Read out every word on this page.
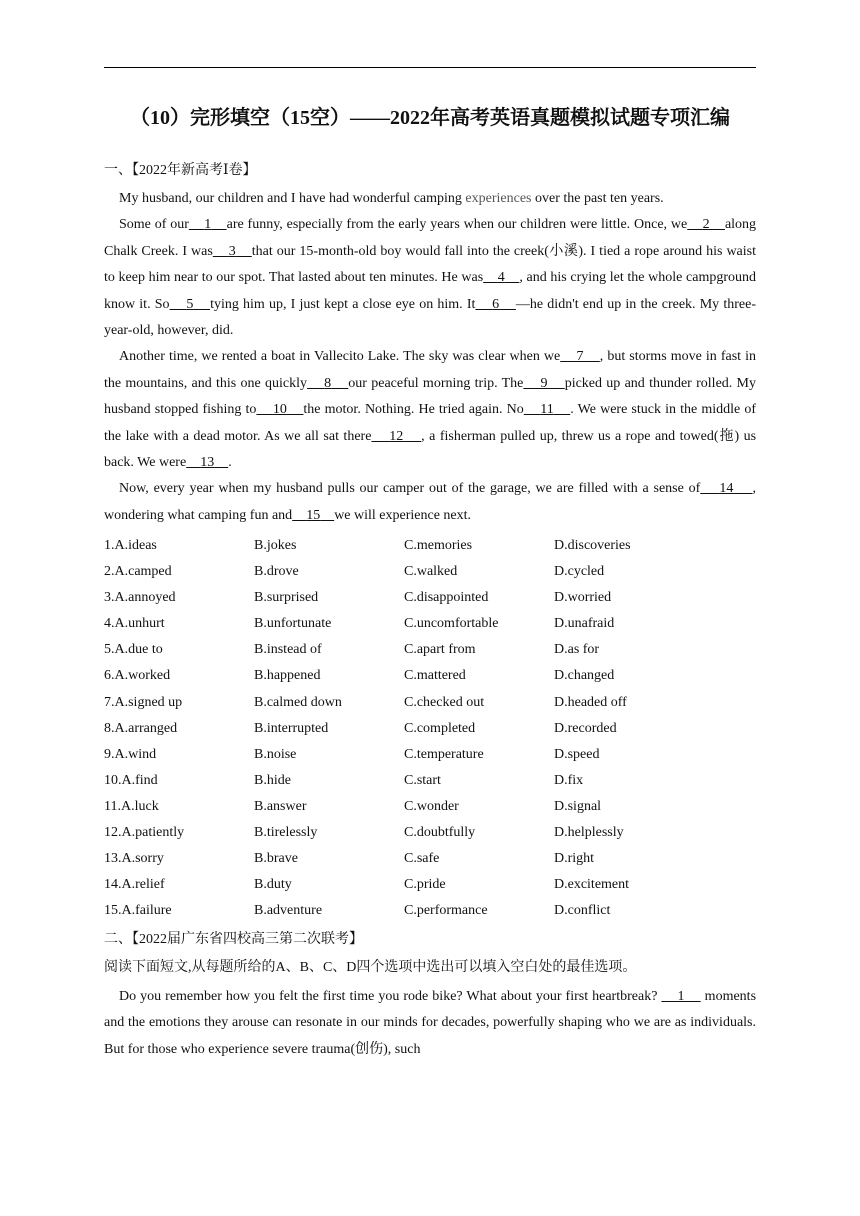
（10）完形填空（15空）——2022年高考英语真题模拟试题专项汇编
一、【2022年新高考Ⅰ卷】

My husband, our children and I have had wonderful camping experiences over the past ten years.

Some of our 1 are funny, especially from the early years when our children were little. Once, we 2 along Chalk Creek. I was 3 that our 15-month-old boy would fall into the creek(小溪). I tied a rope around his waist to keep him near to our spot. That lasted about ten minutes. He was 4 , and his crying let the whole campground know it. So 5 tying him up, I just kept a close eye on him. It 6 —he didn't end up in the creek. My three-year-old, however, did.

Another time, we rented a boat in Vallecito Lake. The sky was clear when we 7 , but storms move in fast in the mountains, and this one quickly 8 our peaceful morning trip. The 9 picked up and thunder rolled. My husband stopped fishing to 10 the motor. Nothing. He tried again. No 11 . We were stuck in the middle of the lake with a dead motor. As we all sat there 12 , a fisherman pulled up, threw us a rope and towed(拖) us back. We were 13 .

Now, every year when my husband pulls our camper out of the garage, we are filled with a sense of 14 , wondering what camping fun and 15 we will experience next.

1.A.ideas	B.jokes	C.memories	D.discoveries
2.A.camped	B.drove	C.walked	D.cycled
3.A.annoyed	B.surprised	C.disappointed	D.worried
4.A.unhurt	B.unfortunate	C.uncomfortable	D.unafraid
5.A.due to	B.instead of	C.apart from	D.as for
6.A.worked	B.happened	C.mattered	D.changed
7.A.signed up	B.calmed down	C.checked out	D.headed off
8.A.arranged	B.interrupted	C.completed	D.recorded
9.A.wind	B.noise	C.temperature	D.speed
10.A.find	B.hide	C.start	D.fix
11.A.luck	B.answer	C.wonder	D.signal
12.A.patiently	B.tirelessly	C.doubtfully	D.helplessly
13.A.sorry	B.brave	C.safe	D.right
14.A.relief	B.duty	C.pride	D.excitement
15.A.failure	B.adventure	C.performance	D.conflict
二、【2022届广东省四校高三第二次联考】
阅读下面短文,从每题所给的A、B、C、D四个选项中选出可以填入空白处的最佳选项。

Do you remember how you felt the first time you rode bike? What about your first heartbreak?     1     moments and the emotions they arouse can resonate in our minds for decades, powerfully shaping who we are as individuals. But for those who experience severe trauma(创伤), such
